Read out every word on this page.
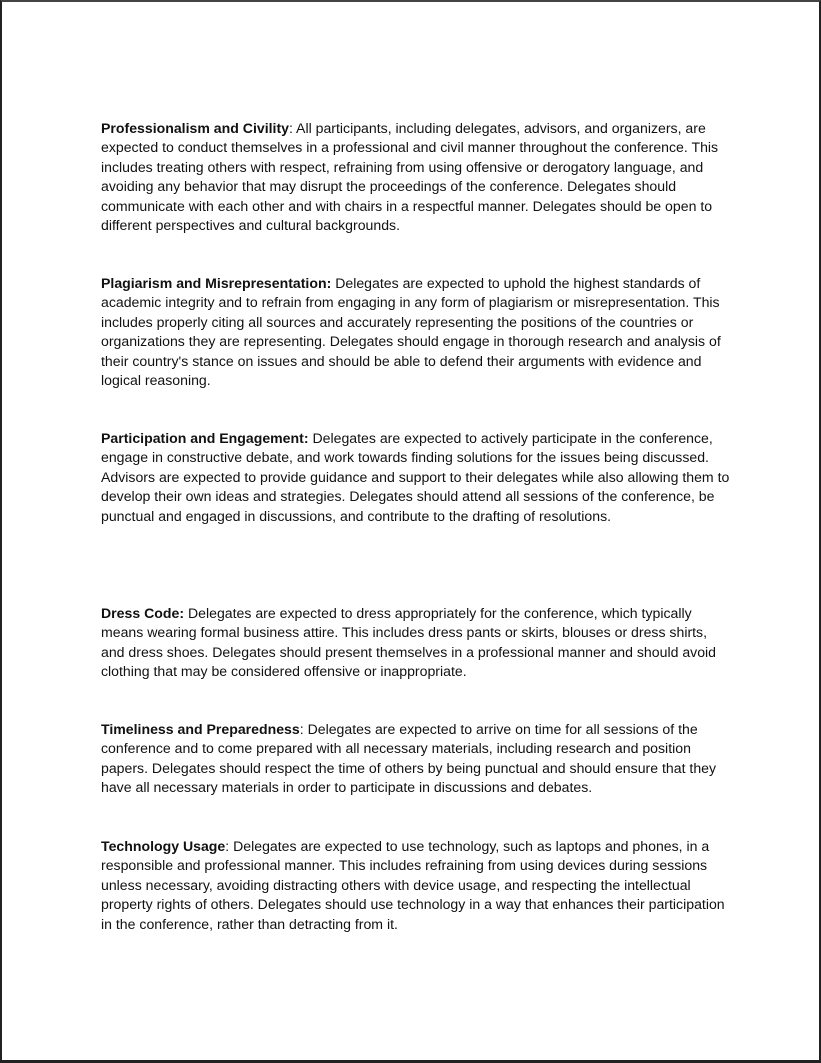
Professionalism and Civility: All participants, including delegates, advisors, and organizers, are expected to conduct themselves in a professional and civil manner throughout the conference. This includes treating others with respect, refraining from using offensive or derogatory language, and avoiding any behavior that may disrupt the proceedings of the conference. Delegates should communicate with each other and with chairs in a respectful manner. Delegates should be open to different perspectives and cultural backgrounds.

Plagiarism and Misrepresentation: Delegates are expected to uphold the highest standards of academic integrity and to refrain from engaging in any form of plagiarism or misrepresentation. This includes properly citing all sources and accurately representing the positions of the countries or organizations they are representing. Delegates should engage in thorough research and analysis of their country's stance on issues and should be able to defend their arguments with evidence and logical reasoning.

Participation and Engagement: Delegates are expected to actively participate in the conference, engage in constructive debate, and work towards finding solutions for the issues being discussed. Advisors are expected to provide guidance and support to their delegates while also allowing them to develop their own ideas and strategies. Delegates should attend all sessions of the conference, be punctual and engaged in discussions, and contribute to the drafting of resolutions.

Dress Code: Delegates are expected to dress appropriately for the conference, which typically means wearing formal business attire. This includes dress pants or skirts, blouses or dress shirts, and dress shoes. Delegates should present themselves in a professional manner and should avoid clothing that may be considered offensive or inappropriate.

Timeliness and Preparedness: Delegates are expected to arrive on time for all sessions of the conference and to come prepared with all necessary materials, including research and position papers. Delegates should respect the time of others by being punctual and should ensure that they have all necessary materials in order to participate in discussions and debates.

Technology Usage: Delegates are expected to use technology, such as laptops and phones, in a responsible and professional manner. This includes refraining from using devices during sessions unless necessary, avoiding distracting others with device usage, and respecting the intellectual property rights of others. Delegates should use technology in a way that enhances their participation in the conference, rather than detracting from it.
